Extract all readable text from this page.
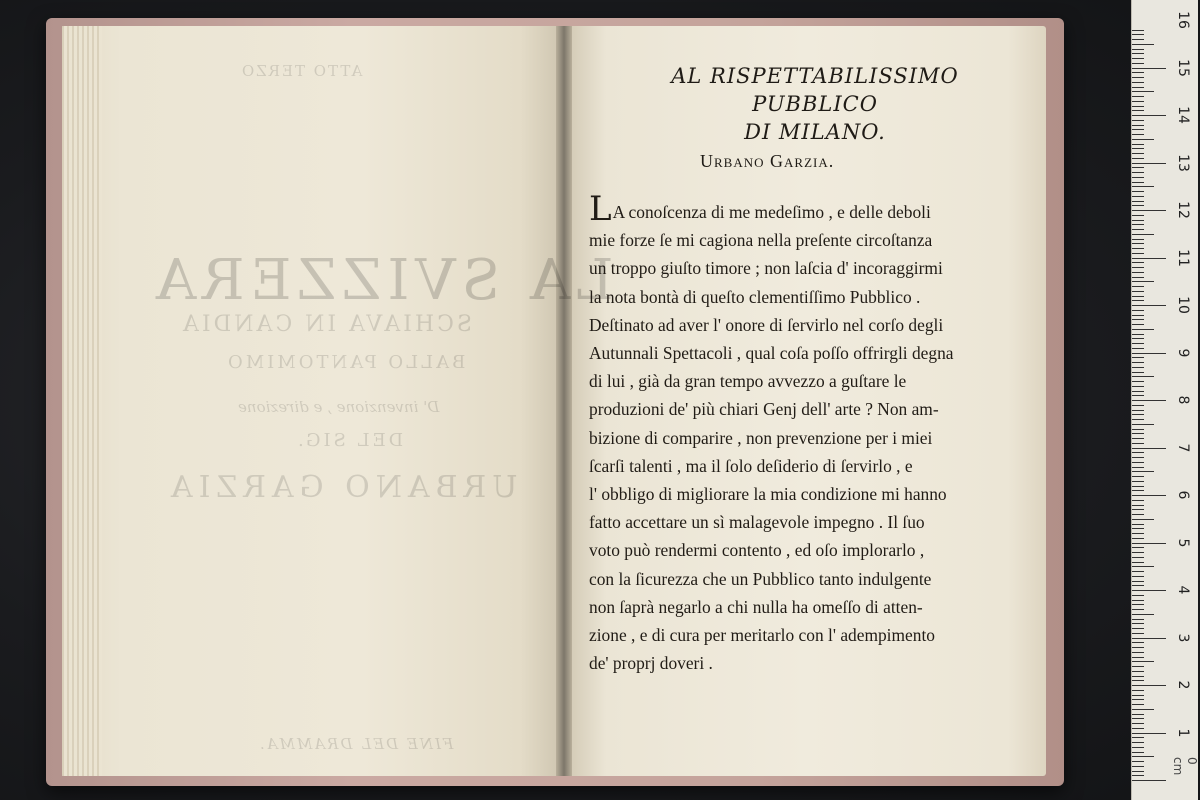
ATTO TERZO
LA SVIZZERA
SCHIAVA IN CANDIA
BALLO PANTOMIMO
D' invenzione , e direzione
DEL SIG.
URBANO GARZIA
FINE DEL DRAMMA.
AL RISPETTABILISSIMO PUBBLICO
DI MILANO.
Urbano Garzia.
LA conoſcenza di me medeſimo , e delle deboli
mie forze ſe mi cagiona nella preſente circoſtanza
un troppo giuſto timore ; non laſcia d' incoraggirmi
la nota bontà di queſto clementiſſimo Pubblico .
Deſtinato ad aver l' onore di ſervirlo nel corſo degli
Autunnali Spettacoli , qual coſa poſſo offrirgli degna
di lui , già da gran tempo avvezzo a guſtare le
produzioni de' più chiari Genj dell' arte ? Non am-
bizione di comparire , non prevenzione per i miei
ſcarſi talenti , ma il ſolo deſiderio di ſervirlo , e
l' obbligo di migliorare la mia condizione mi hanno
fatto accettare un sì malagevole impegno . Il ſuo
voto può rendermi contento , ed oſo implorarlo ,
con la ſicurezza che un Pubblico tanto indulgente
non ſaprà negarlo a chi nulla ha omeſſo di atten-
zione , e di cura per meritarlo con l' adempimento
de' proprj doveri .
16
15
14
13
12
11
10
9
8
7
6
5
4
3
2
1
0 cm
